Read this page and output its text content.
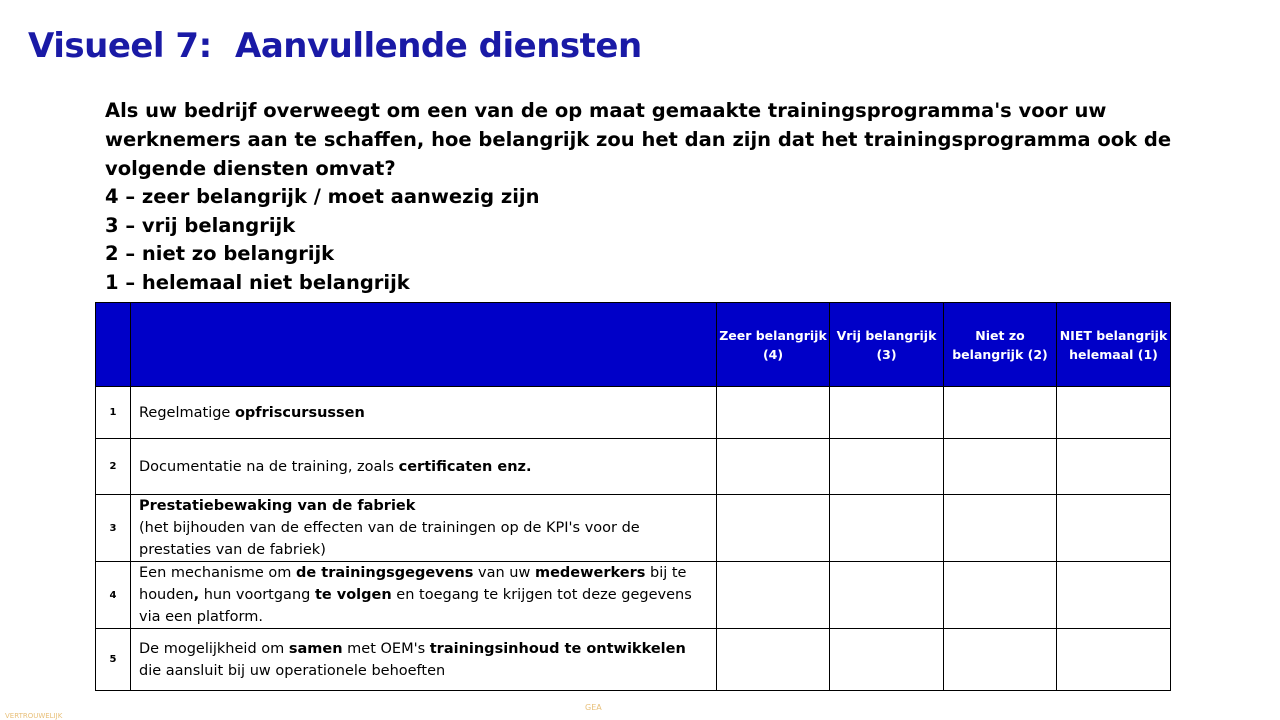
Visueel 7: Aanvullende diensten
Als uw bedrijf overweegt om een van de op maat gemaakte trainingsprogramma's voor uw werknemers aan te schaffen, hoe belangrijk zou het dan zijn dat het trainingsprogramma ook de volgende diensten omvat?
4 – zeer belangrijk / moet aanwezig zijn
3 – vrij belangrijk
2 – niet zo belangrijk
1 – helemaal niet belangrijk
		Zeer belangrijk (4)	Vrij belangrijk (3)	Niet zo belangrijk (2)	NIET belangrijk helemaal (1)
1	Regelmatige opfriscursussen				
2	Documentatie na de training, zoals certificaten enz.				
3	Prestatiebewaking van de fabriek
(het bijhouden van de effecten van de trainingen op de KPI's voor de prestaties van de fabriek)				
4	Een mechanisme om de trainingsgegevens van uw medewerkers bij te houden, hun voortgang te volgen en toegang te krijgen tot deze gegevens via een platform.				
5	De mogelijkheid om samen met OEM's trainingsinhoud te ontwikkelen die aansluit bij uw operationele behoeften				
VERTROUWELIJK
GEA
